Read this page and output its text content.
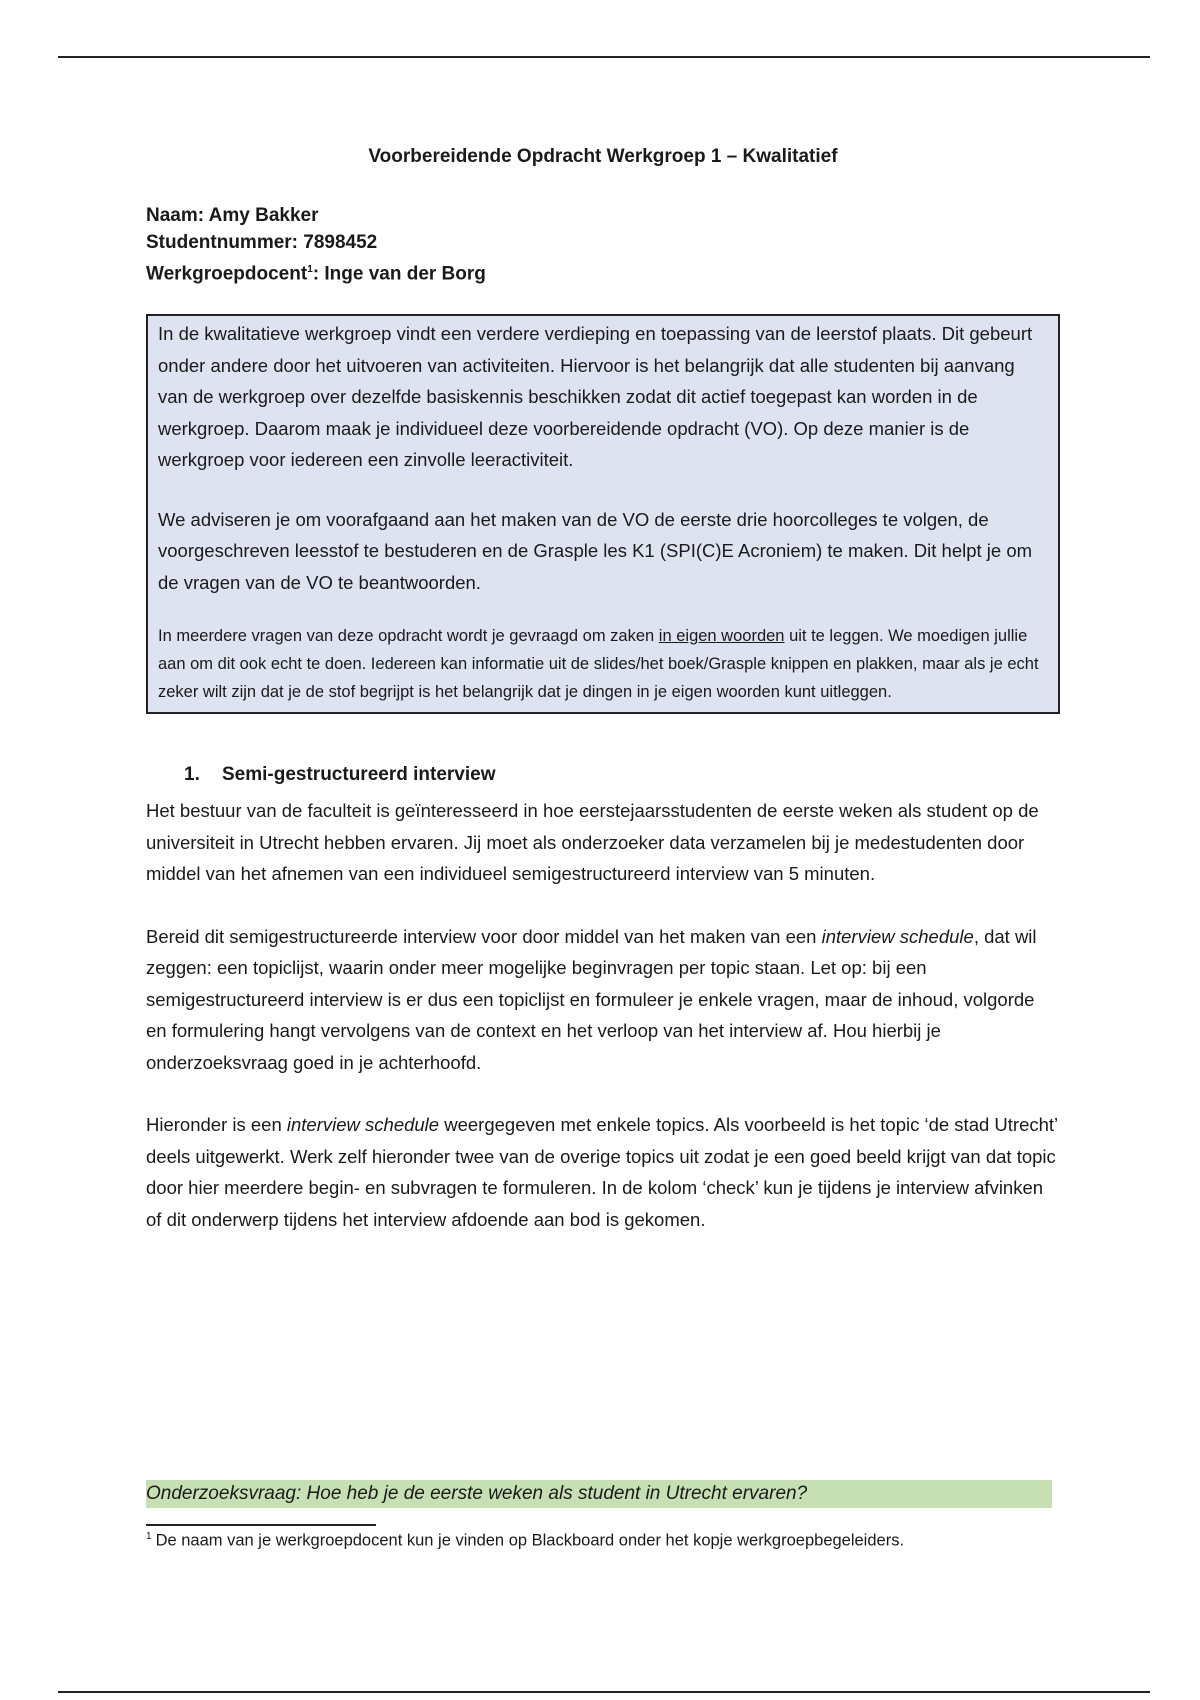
Voorbereidende Opdracht Werkgroep 1 – Kwalitatief
Naam: Amy Bakker
Studentnummer: 7898452
Werkgroepdocent$^1$: Inge van der Borg

In de kwalitatieve werkgroep vindt een verdere verdieping en toepassing van de leerstof plaats. Dit gebeurt onder andere door het uitvoeren van activiteiten. Hiervoor is het belangrijk dat alle studenten bij aanvang van de werkgroep over dezelfde basiskennis beschikken zodat dit actief toegepast kan worden in de werkgroep. Daarom maak je individueel deze voorbereidende opdracht (VO). Op deze manier is de werkgroep voor iedereen een zinvolle leeractiviteit.

We adviseren je om voorafgaand aan het maken van de VO de eerste drie hoorcolleges te volgen, de voorgeschreven leesstof te bestuderen en de Grasple les K1 (SPI(C)E Acroniem) te maken. Dit helpt je om de vragen van de VO te beantwoorden.

In meerdere vragen van deze opdracht wordt je gevraagd om zaken in eigen woorden uit te leggen. We moedigen jullie aan om dit ook echt te doen. Iedereen kan informatie uit de slides/het boek/Grasple knippen en plakken, maar als je echt zeker wilt zijn dat je de stof begrijpt is het belangrijk dat je dingen in je eigen woorden kunt uitleggen.

1. Semi-gestructureerd interview

Het bestuur van de faculteit is geïnteresseerd in hoe eerstejaarsstudenten de eerste weken als student op de universiteit in Utrecht hebben ervaren. Jij moet als onderzoeker data verzamelen bij je medestudenten door middel van het afnemen van een individueel semigestructureerd interview van 5 minuten.

Bereid dit semigestructureerde interview voor door middel van het maken van een interview schedule, dat wil zeggen: een topiclijst, waarin onder meer mogelijke beginvragen per topic staan. Let op: bij een semigestructureerd interview is er dus een topiclijst en formuleer je enkele vragen, maar de inhoud, volgorde en formulering hangt vervolgens van de context en het verloop van het interview af. Hou hierbij je onderzoeksvraag goed in je achterhoofd.

Hieronder is een interview schedule weergegeven met enkele topics. Als voorbeeld is het topic ‘de stad Utrecht’ deels uitgewerkt. Werk zelf hieronder twee van de overige topics uit zodat je een goed beeld krijgt van dat topic door hier meerdere begin- en subvragen te formuleren. In de kolom ‘check’ kun je tijdens je interview afvinken of dit onderwerp tijdens het interview afdoende aan bod is gekomen.

Onderzoeksvraag: Hoe heb je de eerste weken als student in Utrecht ervaren?
$^1$ De naam van je werkgroepdocent kun je vinden op Blackboard onder het kopje werkgroepbegeleiders.
